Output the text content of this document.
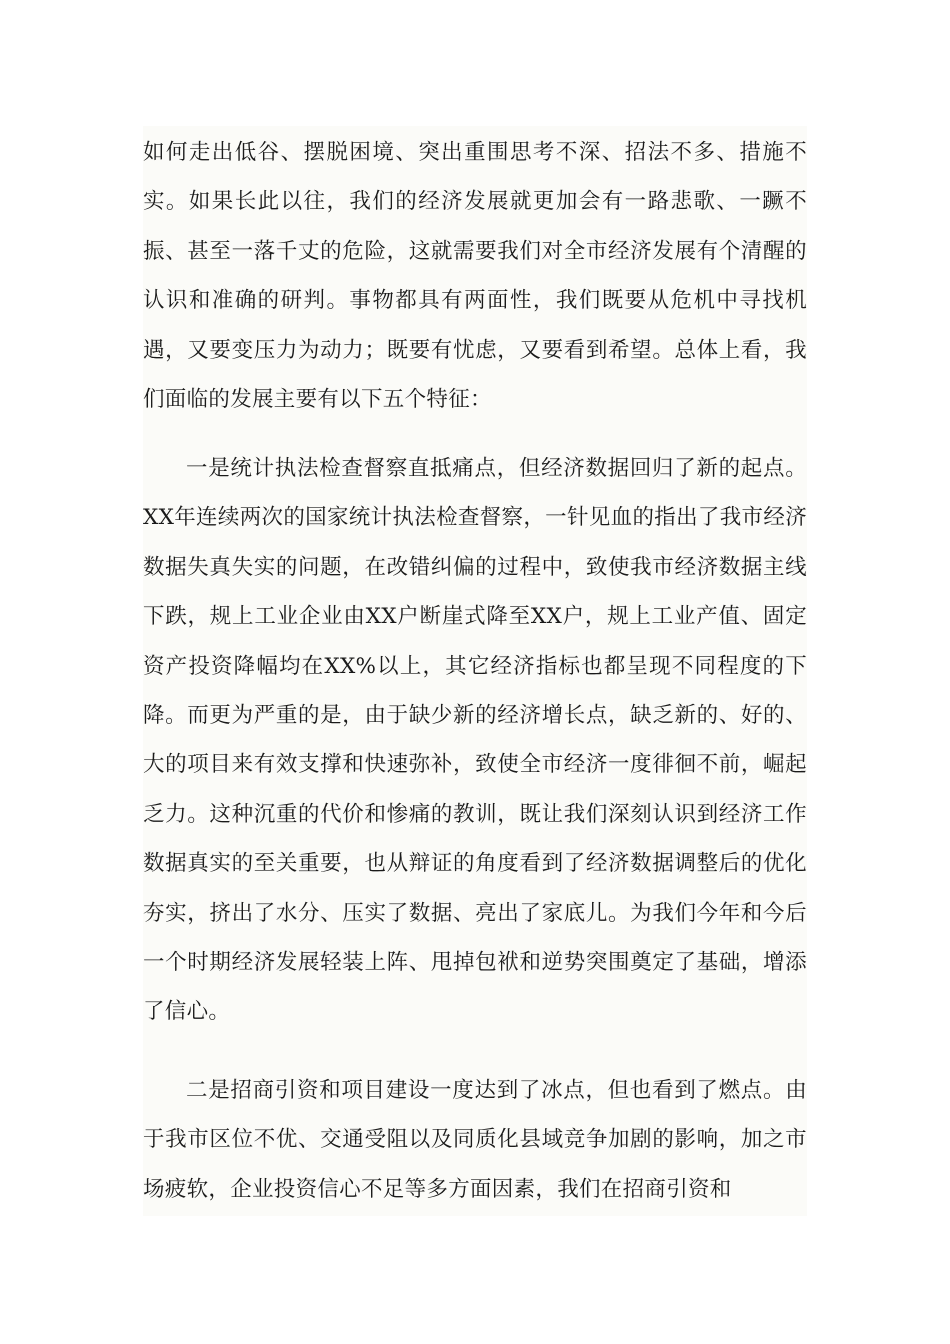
如何走出低谷、摆脱困境、突出重围思考不深、招法不多、措施不实。如果长此以往，我们的经济发展就更加会有一路悲歌、一蹶不振、甚至一落千丈的危险，这就需要我们对全市经济发展有个清醒的认识和准确的研判。事物都具有两面性，我们既要从危机中寻找机遇，又要变压力为动力；既要有忧虑，又要看到希望。总体上看，我们面临的发展主要有以下五个特征：

一是统计执法检查督察直抵痛点，但经济数据回归了新的起点。XX年连续两次的国家统计执法检查督察，一针见血的指出了我市经济数据失真失实的问题，在改错纠偏的过程中，致使我市经济数据主线下跌，规上工业企业由XX户断崖式降至XX户，规上工业产值、固定资产投资降幅均在XX%以上，其它经济指标也都呈现不同程度的下降。而更为严重的是，由于缺少新的经济增长点，缺乏新的、好的、大的项目来有效支撑和快速弥补，致使全市经济一度徘徊不前，崛起乏力。这种沉重的代价和惨痛的教训，既让我们深刻认识到经济工作数据真实的至关重要，也从辩证的角度看到了经济数据调整后的优化夯实，挤出了水分、压实了数据、亮出了家底儿。为我们今年和今后一个时期经济发展轻装上阵、甩掉包袱和逆势突围奠定了基础，增添了信心。

二是招商引资和项目建设一度达到了冰点，但也看到了燃点。由于我市区位不优、交通受阻以及同质化县域竞争加剧的影响，加之市场疲软，企业投资信心不足等多方面因素，我们在招商引资和
